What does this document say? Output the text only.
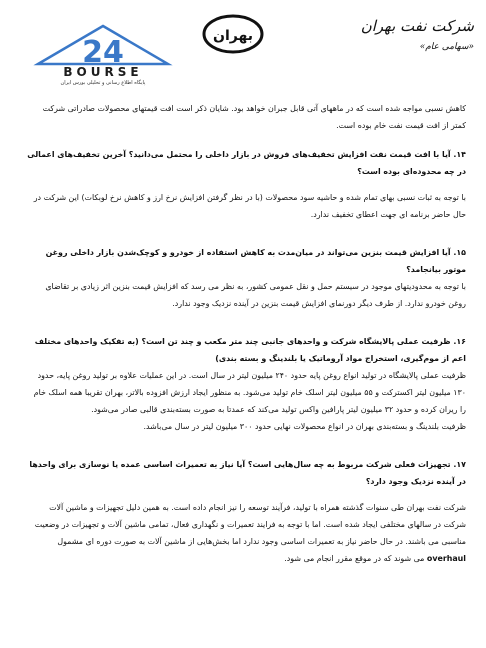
24
BOURSE
پایگاه اطلاع رسانی و تحلیلی بورس ایران
بهران
شرکت نفت بهران
«سهامی عام»

کاهش نسبی مواجه شده است که در ماههای آتی قابل جبران خواهد بود. شایان ذکر است افت قیمتهای محصولات صادراتی شرکت کمتر از افت قیمت نفت خام بوده است.

۱۴. آیا با افت قیمت نفت افزایش تخفیف‌های فروش در بازار داخلی را محتمل می‌دانید؟ آخرین تخفیف‌های اعمالی در چه محدوده‌ای بوده است؟

با توجه به ثبات نسبی بهای تمام شده و حاشیه سود محصولات (با در نظر گرفتن افزایش نرخ ارز و کاهش نرخ لوبکات) این شرکت در حال حاضر برنامه ای جهت اعطای تخفیف ندارد.

۱۵. آیا افزایش قیمت بنزین می‌تواند در میان‌مدت به کاهش استفاده از خودرو و کوچک‌شدن بازار داخلی روغن موتور بیانجامد؟

با توجه به محدودیتهای موجود در سیستم حمل و نقل عمومی کشور، به نظر می رسد که افزایش قیمت بنزین اثر زیادی بر تقاضای روغن خودرو ندارد. از طرف دیگر دورنمای افزایش قیمت بنزین در آینده نزدیک وجود ندارد.

۱۶. ظرفیت عملی پالایشگاه شرکت و واحدهای جانبی چند متر مکعب و چند تن است؟ (به تفکیک واحدهای مختلف اعم از موم‌گیری، استخراج مواد آروماتیک یا بلندینگ و بسته بندی)

ظرفیت عملی پالایشگاه در تولید انواع روغن پایه حدود ۲۴۰ میلیون لیتر در سال است. در این عملیات علاوه بر تولید روغن پایه، حدود ۱۳۰ میلیون لیتر اکسترکت و ۵۵ میلیون لیتر اسلک خام تولید می‌شود. به منظور ایجاد ارزش افزوده بالاتر، بهران تقریبا همه اسلک خام را ریران کرده و حدود ۳۲ میلیون لیتر پارافین واکس تولید می‌کند که عمدتا به صورت بسته‌بندی قالبی صادر می‌شود.

ظرفیت بلندینگ و بسته‌بندی بهران در انواع محصولات نهایی حدود ۳۰۰ میلیون لیتر در سال می‌باشد.

۱۷. تجهیزات فعلی شرکت مربوط به چه سال‌هایی است؟ آیا نیاز به تعمیرات اساسی عمده یا نوسازی برای واحدها در آینده نزدیک وجود دارد؟

شرکت نفت بهران طی سنوات گذشته همراه با تولید، فرآیند توسعه را نیز انجام داده است. به همین دلیل تجهیزات و ماشین آلات شرکت در سالهای مختلفی ایجاد شده است. اما با توجه به فرایند تعمیرات و نگهداری فعال، تمامی ماشین آلات و تجهیزات در وضعیت مناسبی می باشند. در حال حاضر نیاز به تعمیرات اساسی وجود ندارد اما بخش‌هایی از ماشین آلات به صورت دوره ای مشمول overhaul می شوند که در موقع مقرر انجام می شود.
